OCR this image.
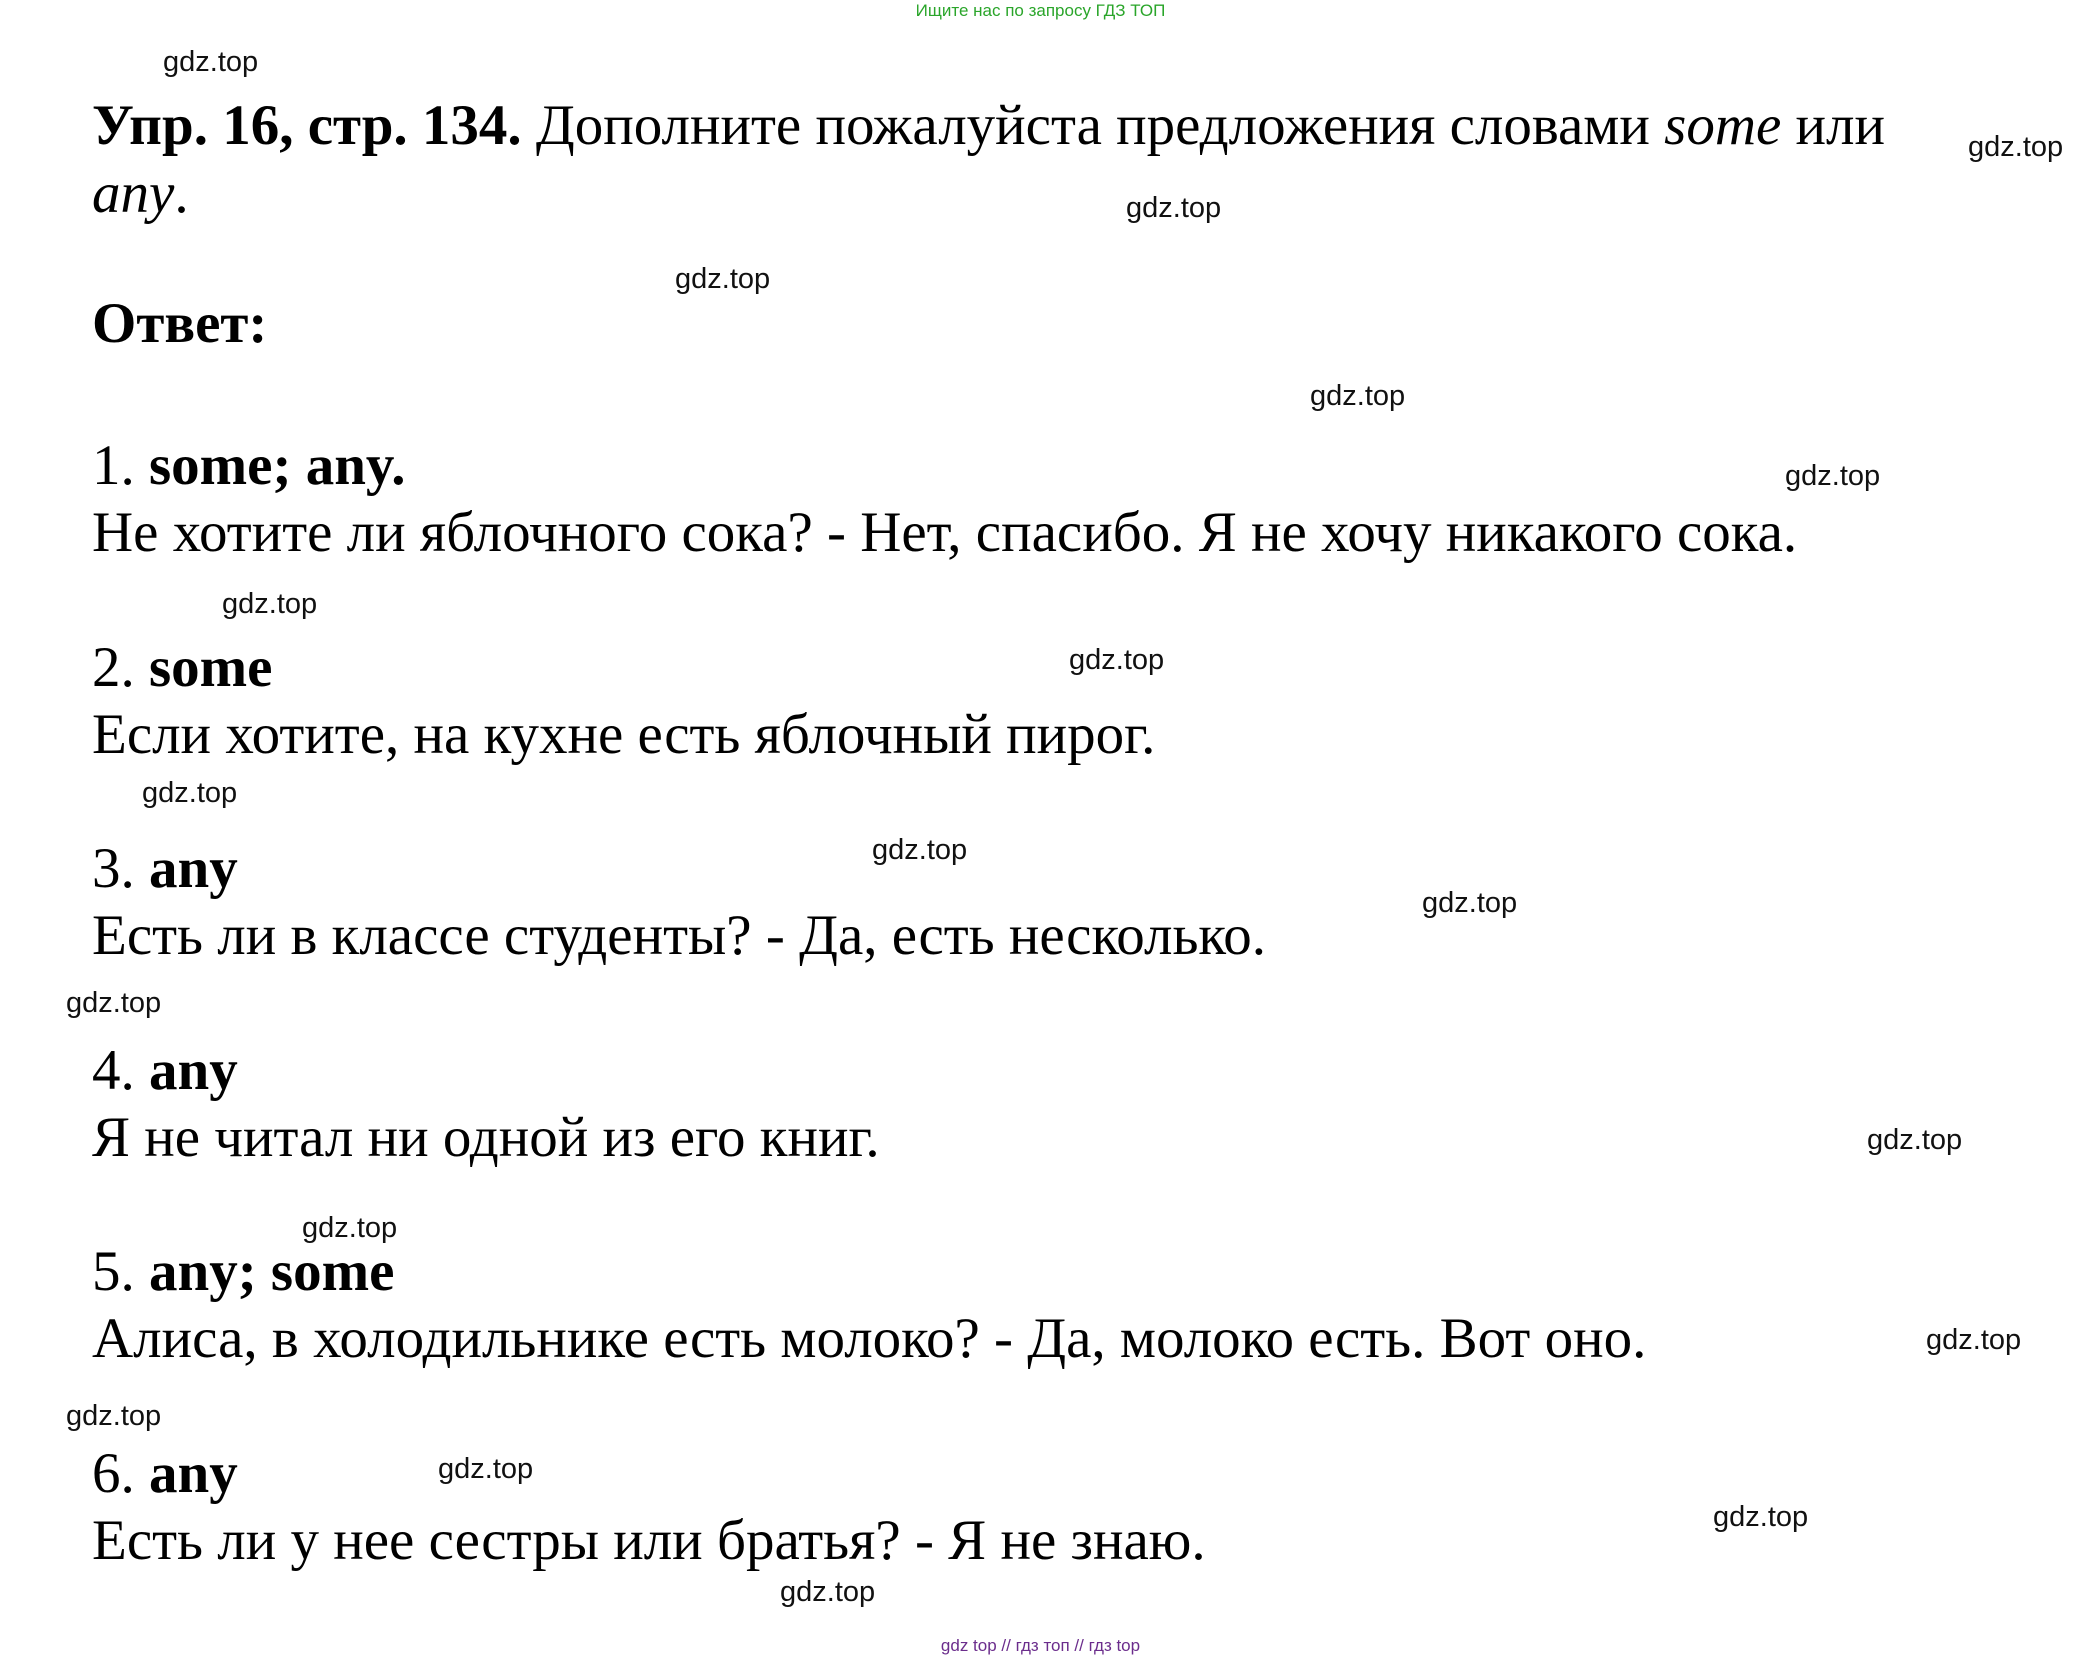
Ищите нас по запросу ГДЗ ТОП
Упр. 16, стр. 134. Дополните пожалуйста предложения словами some или
any.
Ответ:
1. some; any.
Не хотите ли яблочного сока? - Нет, спасибо. Я не хочу никакого сока.
2. some
Если хотите, на кухне есть яблочный пирог.
3. any
Есть ли в классе студенты? - Да, есть несколько.
4. any
Я не читал ни одной из его книг.
5. any; some
Алиса, в холодильнике есть молоко? - Да, молоко есть. Вот оно.
6. any
Есть ли у нее сестры или братья? - Я не знаю.
gdz.top
gdz.top
gdz.top
gdz.top
gdz.top
gdz.top
gdz.top
gdz.top
gdz.top
gdz.top
gdz.top
gdz.top
gdz.top
gdz.top
gdz.top
gdz.top
gdz.top
gdz.top
gdz.top
gdz top // гдз топ // гдз top
